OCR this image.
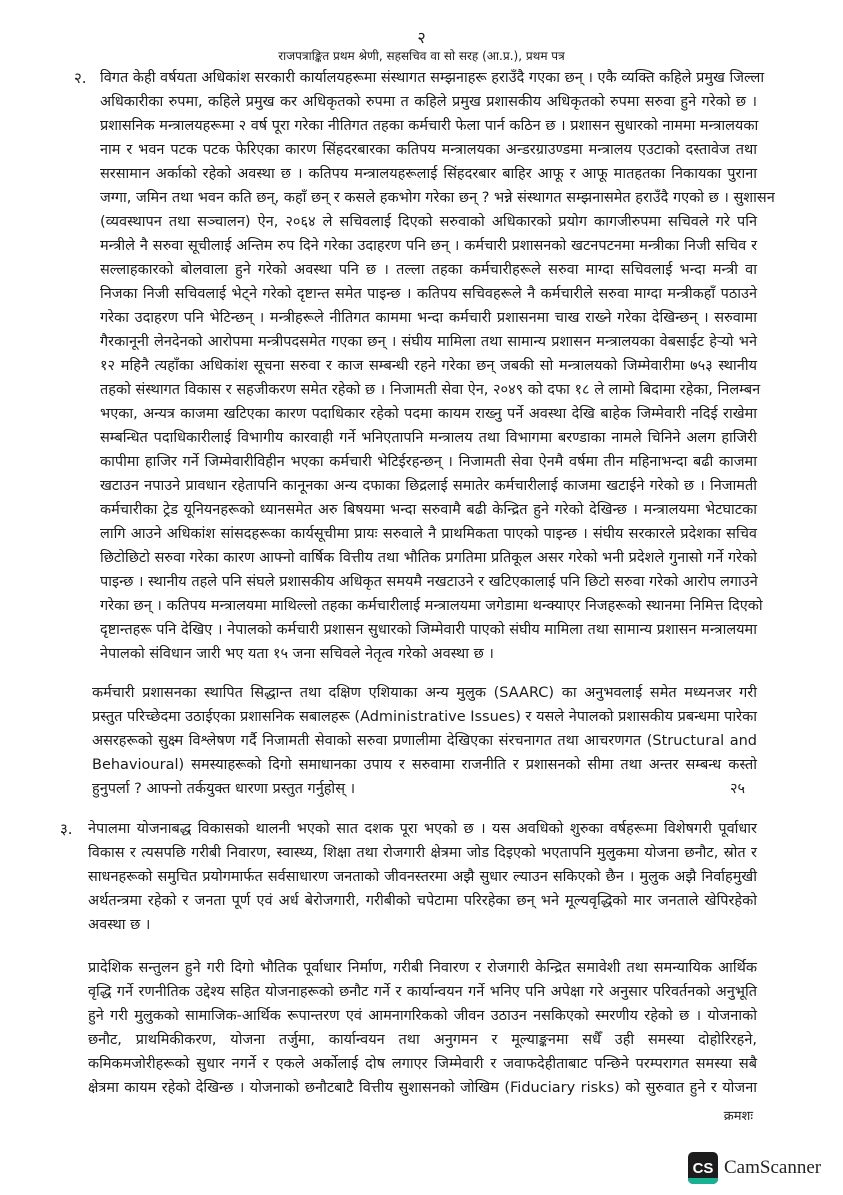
२
राजपत्राङ्कित प्रथम श्रेणी, सहसचिव वा सो सरह (आ.प्र.), प्रथम पत्र
२. विगत केही वर्षयता अधिकांश सरकारी कार्यालयहरूमा संस्थागत सम्झनाहरू हराउँदै गएका छन् । एकै व्यक्ति कहिले प्रमुख जिल्ला
अधिकारीका रुपमा, कहिले प्रमुख कर अधिकृतको रुपमा त कहिले प्रमुख प्रशासकीय अधिकृतको रुपमा सरुवा हुने गरेको छ ।
प्रशासनिक मन्त्रालयहरूमा २ वर्ष पूरा गरेका नीतिगत तहका कर्मचारी फेला पार्न कठिन छ । प्रशासन सुधारको नाममा मन्त्रालयका
नाम र भवन पटक पटक फेरिएका कारण सिंहदरबारका कतिपय मन्त्रालयका अन्डरग्राउण्डमा मन्त्रालय एउटाको दस्तावेज तथा
सरसामान अर्काको रहेको अवस्था छ । कतिपय मन्त्रालयहरूलाई सिंहदरबार बाहिर आफू र आफू मातहतका निकायका पुराना
जग्गा, जमिन तथा भवन कति छन्, कहाँ छन् र कसले हकभोग गरेका छन् ? भन्ने संस्थागत सम्झनासमेत हराउँदै गएको छ । सुशासन
(व्यवस्थापन तथा सञ्चालन) ऐन, २०६४ ले सचिवलाई दिएको सरुवाको अधिकारको प्रयोग कागजीरुपमा सचिवले गरे पनि
मन्त्रीले नै सरुवा सूचीलाई अन्तिम रुप दिने गरेका उदाहरण पनि छन् । कर्मचारी प्रशासनको खटनपटनमा मन्त्रीका निजी सचिव र
सल्लाहकारको बोलवाला हुने गरेको अवस्था पनि छ । तल्ला तहका कर्मचारीहरूले सरुवा माग्दा सचिवलाई भन्दा मन्त्री वा
निजका निजी सचिवलाई भेट्ने गरेको दृष्टान्त समेत पाइन्छ । कतिपय सचिवहरूले नै कर्मचारीले सरुवा माग्दा मन्त्रीकहाँ पठाउने
गरेका उदाहरण पनि भेटिन्छन् । मन्त्रीहरूले नीतिगत काममा भन्दा कर्मचारी प्रशासनमा चाख राख्ने गरेका देखिन्छन् । सरुवामा
गैरकानूनी लेनदेनको आरोपमा मन्त्रीपदसमेत गएका छन् । संघीय मामिला तथा सामान्य प्रशासन मन्त्रालयका वेबसाईट हेर्‍यो भने
१२ महिनै त्यहाँका अधिकांश सूचना सरुवा र काज सम्बन्धी रहने गरेका छन् जबकी सो मन्त्रालयको जिम्मेवारीमा ७५३ स्थानीय
तहको संस्थागत विकास र सहजीकरण समेत रहेको छ । निजामती सेवा ऐन, २०४९ को दफा १८ ले लामो बिदामा रहेका, निलम्बन
भएका, अन्यत्र काजमा खटिएका कारण पदाधिकार रहेको पदमा कायम राख्नु पर्ने अवस्था देखि बाहेक जिम्मेवारी नदिई राखेमा
सम्बन्धित पदाधिकारीलाई विभागीय कारवाही गर्ने भनिएतापनि मन्त्रालय तथा विभागमा बरण्डाका नामले चिनिने अलग हाजिरी
कापीमा हाजिर गर्ने जिम्मेवारीविहीन भएका कर्मचारी भेटिईरहन्छन् । निजामती सेवा ऐनमै वर्षमा तीन महिनाभन्दा बढी काजमा
खटाउन नपाउने प्रावधान रहेतापनि कानूनका अन्य दफाका छिद्रलाई समातेर कर्मचारीलाई काजमा खटाईने गरेको छ । निजामती
कर्मचारीका ट्रेड यूनियनहरूको ध्यानसमेत अरु बिषयमा भन्दा सरुवामै बढी केन्द्रित हुने गरेको देखिन्छ । मन्त्रालयमा भेटघाटका
लागि आउने अधिकांश सांसदहरूका कार्यसूचीमा प्रायः सरुवाले नै प्राथमिकता पाएको पाइन्छ । संघीय सरकारले प्रदेशका सचिव
छिटोछिटो सरुवा गरेका कारण आफ्नो वार्षिक वित्तीय तथा भौतिक प्रगतिमा प्रतिकूल असर गरेको भनी प्रदेशले गुनासो गर्ने गरेको
पाइन्छ । स्थानीय तहले पनि संघले प्रशासकीय अधिकृत समयमै नखटाउने र खटिएकालाई पनि छिटो सरुवा गरेको आरोप लगाउने
गरेका छन् । कतिपय मन्त्रालयमा माथिल्लो तहका कर्मचारीलाई मन्त्रालयमा जगेडामा थन्क्याएर निजहरूको स्थानमा निमित्त दिएको
दृष्टान्तहरू पनि देखिए । नेपालको कर्मचारी प्रशासन सुधारको जिम्मेवारी पाएको संघीय मामिला तथा सामान्य प्रशासन मन्त्रालयमा
नेपालको संविधान जारी भए यता १५ जना सचिवले नेतृत्व गरेको अवस्था छ ।
कर्मचारी प्रशासनका स्थापित सिद्धान्त तथा दक्षिण एशियाका अन्य मुलुक (SAARC) का अनुभवलाई समेत मध्यनजर गरी
प्रस्तुत परिच्छेदमा उठाईएका प्रशासनिक सबालहरू (Administrative Issues) र यसले नेपालको प्रशासकीय प्रबन्धमा पारेका
असरहरूको सुक्ष्म विश्लेषण गर्दै निजामती सेवाको सरुवा प्रणालीमा देखिएका संरचनागत तथा आचरणगत (Structural and
Behavioural) समस्याहरूको दिगो समाधानका उपाय र सरुवामा राजनीति र प्रशासनको सीमा तथा अन्तर सम्बन्ध कस्तो
हुनुपर्ला ? आफ्नो तर्कयुक्त धारणा प्रस्तुत गर्नुहोस् ।	२५
३. नेपालमा योजनाबद्ध विकासको थालनी भएको सात दशक पूरा भएको छ । यस अवधिको शुरुका वर्षहरूमा विशेषगरी पूर्वाधार
विकास र त्यसपछि गरीबी निवारण, स्वास्थ्य, शिक्षा तथा रोजगारी क्षेत्रमा जोड दिइएको भएतापनि मुलुकमा योजना छनौट, स्रोत र
साधनहरूको समुचित प्रयोगमार्फत सर्वसाधारण जनताको जीवनस्तरमा अझै सुधार ल्याउन सकिएको छैन । मुलुक अझै निर्वाहमुखी
अर्थतन्त्रमा रहेको र जनता पूर्ण एवं अर्ध बेरोजगारी, गरीबीको चपेटामा परिरहेका छन् भने मूल्यवृद्धिको मार जनताले खेपिरहेको
अवस्था छ ।
प्रादेशिक सन्तुलन हुने गरी दिगो भौतिक पूर्वाधार निर्माण, गरीबी निवारण र रोजगारी केन्द्रित समावेशी तथा समन्यायिक आर्थिक
वृद्धि गर्ने रणनीतिक उद्देश्य सहित योजनाहरूको छनौट गर्ने र कार्यान्वयन गर्ने भनिए पनि अपेक्षा गरे अनुसार परिवर्तनको अनुभूति
हुने गरी मुलुकको सामाजिक-आर्थिक रूपान्तरण एवं आमनागरिकको जीवन उठाउन नसकिएको स्मरणीय रहेको छ । योजनाको
छनौट, प्राथमिकीकरण, योजना तर्जुमा, कार्यान्वयन तथा अनुगमन र मूल्याङ्कनमा सधैँ उही समस्या दोहोरिरहने,
कमिकमजोरीहरूको सुधार नगर्ने र एकले अर्कोलाई दोष लगाएर जिम्मेवारी र जवाफदेहीताबाट पन्छिने परम्परागत समस्या सबै
क्षेत्रमा कायम रहेको देखिन्छ । योजनाको छनौटबाटै वित्तीय सुशासनको जोखिम (Fiduciary risks) को सुरुवात हुने र योजना
क्रमशः
CS CamScanner
